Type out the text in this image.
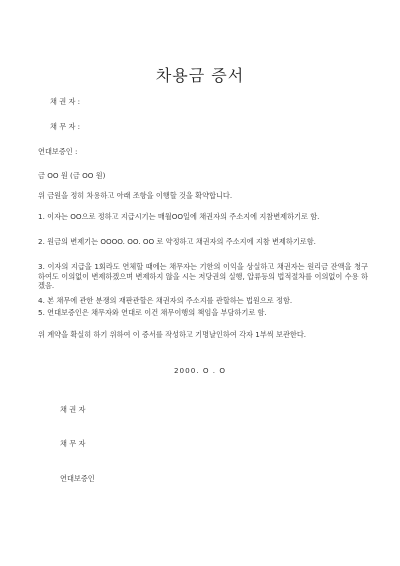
차용금 증서
채 권 자 :
채 무 자 :
연대보증인 :
금 OO 원 (금 OO 원)
위 금원을 정히 차용하고 아래 조항을 이행할 것을 확약합니다.
1. 이자는 OO으로 정하고 지급시기는 매월OO일에 채권자의 주소지에 지참변제하기로 함.
2. 원금의 변제기는 OOOO. OO. OO 로 약정하고 채권자의 주소지에 지참 변제하기로함.
3. 이자의 지급을 1회라도 연체할 때에는 채무자는 기한의 이익을 상실하고 채권자는 원리금 잔액을 청구하여도 이의없이 변제하겠으며 변제하지 않을 시는 저당권의 실행, 압류등의 법적절차를 이의없이 수용 하겠음.
4. 본 채무에 관한 분쟁의 재판관할은 채권자의 주소지를 관할하는 법원으로 정함.
5. 연대보증인은 채무자와 연대로 이건 채무이행의 책임을 부담하기로 함.
위 계약을 확실히 하기 위하여 이 증서를 작성하고 기명날인하여 각자 1부씩 보관한다.
2000. O . O
채 권 자
채 무 자
연대보증인
